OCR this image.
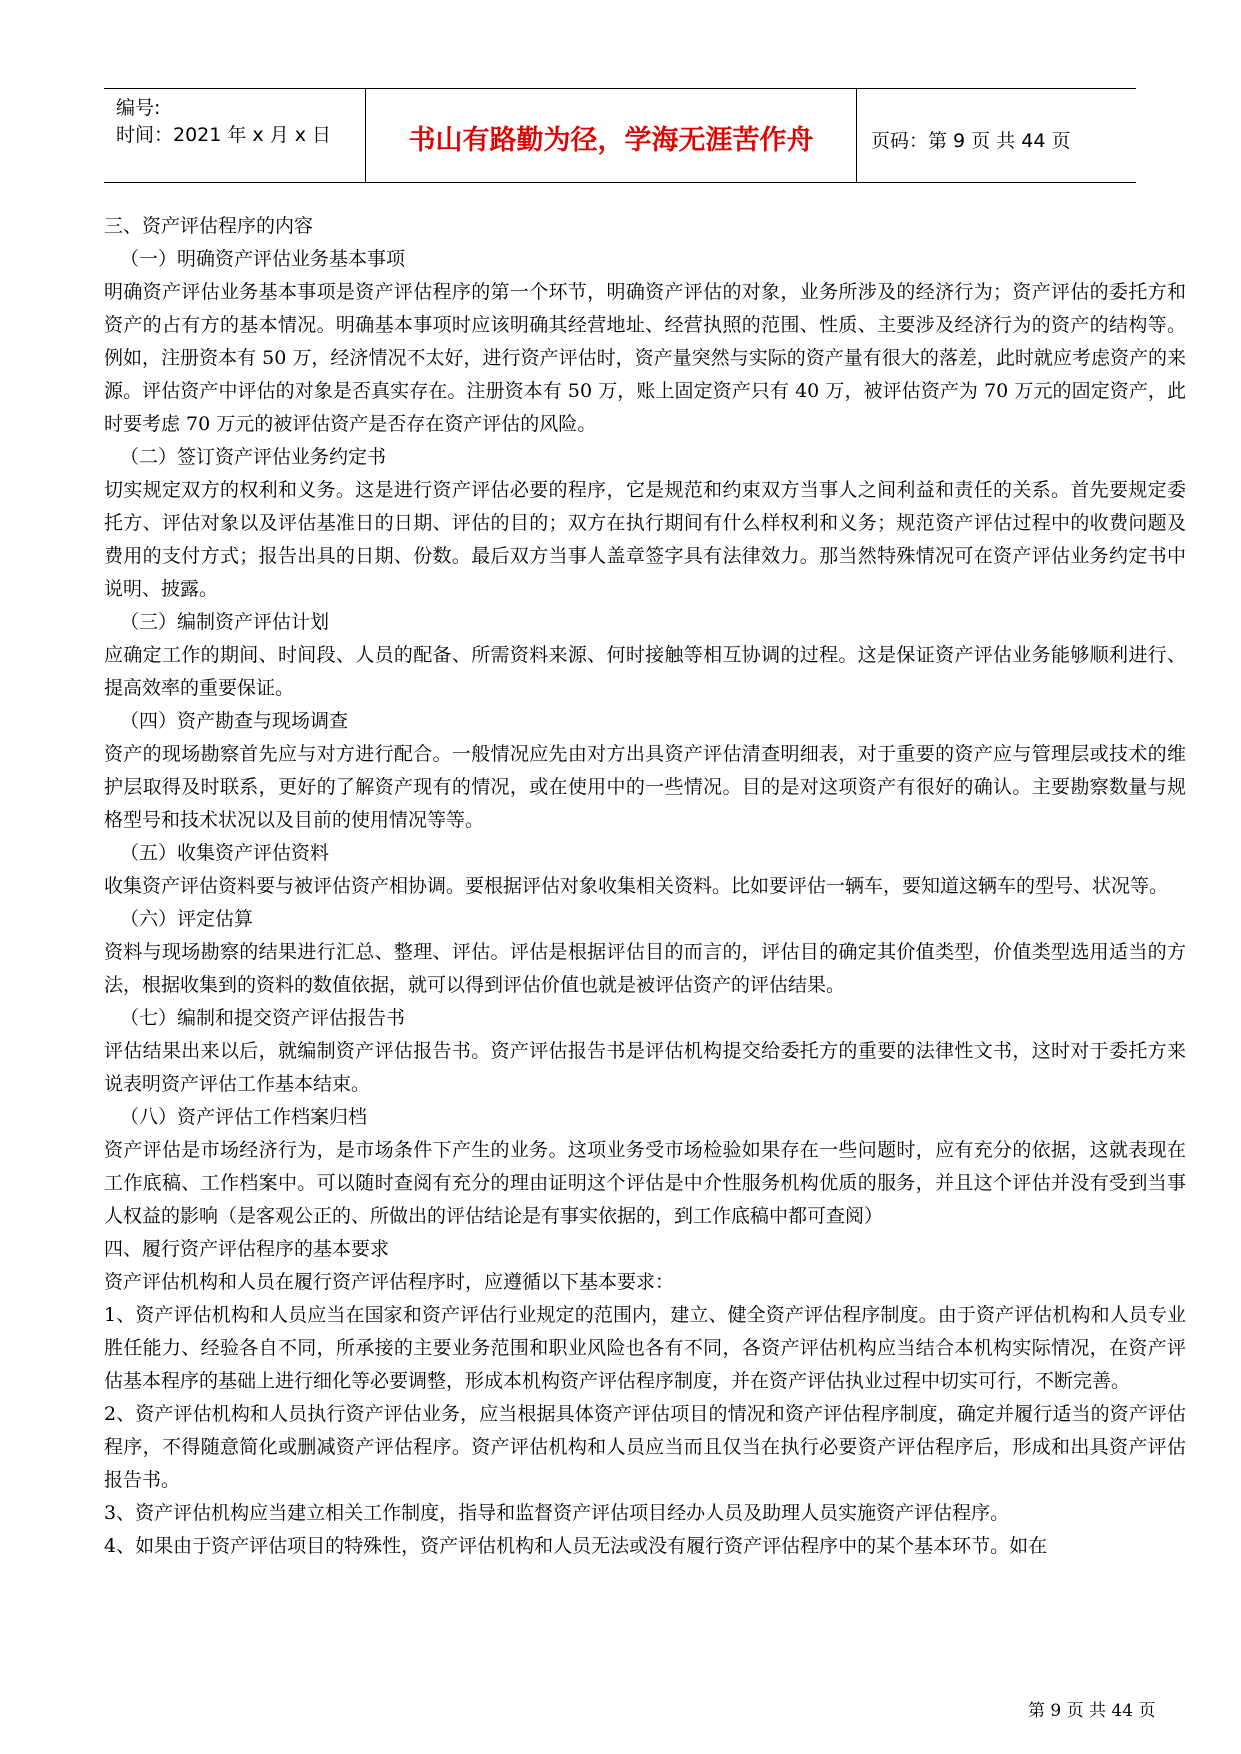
编号:
时间：2021 年 x 月 x 日	书山有路勤为径，学海无涯苦作舟	页码：第 9 页 共 44 页

三、资产评估程序的内容

（一）明确资产评估业务基本事项

明确资产评估业务基本事项是资产评估程序的第一个环节，明确资产评估的对象，业务所涉及的经济行为；资产评估的委托方和资产的占有方的基本情况。明确基本事项时应该明确其经营地址、经营执照的范围、性质、主要涉及经济行为的资产的结构等。例如，注册资本有 50 万，经济情况不太好，进行资产评估时，资产量突然与实际的资产量有很大的落差，此时就应考虑资产的来源。评估资产中评估的对象是否真实存在。注册资本有 50 万，账上固定资产只有 40 万，被评估资产为 70 万元的固定资产，此时要考虑 70 万元的被评估资产是否存在资产评估的风险。

（二）签订资产评估业务约定书

切实规定双方的权利和义务。这是进行资产评估必要的程序，它是规范和约束双方当事人之间利益和责任的关系。首先要规定委托方、评估对象以及评估基准日的日期、评估的目的；双方在执行期间有什么样权利和义务；规范资产评估过程中的收费问题及费用的支付方式；报告出具的日期、份数。最后双方当事人盖章签字具有法律效力。那当然特殊情况可在资产评估业务约定书中说明、披露。

（三）编制资产评估计划

应确定工作的期间、时间段、人员的配备、所需资料来源、何时接触等相互协调的过程。这是保证资产评估业务能够顺利进行、提高效率的重要保证。

（四）资产勘查与现场调查

资产的现场勘察首先应与对方进行配合。一般情况应先由对方出具资产评估清查明细表，对于重要的资产应与管理层或技术的维护层取得及时联系，更好的了解资产现有的情况，或在使用中的一些情况。目的是对这项资产有很好的确认。主要勘察数量与规格型号和技术状况以及目前的使用情况等等。

（五）收集资产评估资料

收集资产评估资料要与被评估资产相协调。要根据评估对象收集相关资料。比如要评估一辆车，要知道这辆车的型号、状况等。

（六）评定估算

资料与现场勘察的结果进行汇总、整理、评估。评估是根据评估目的而言的，评估目的确定其价值类型，价值类型选用适当的方法，根据收集到的资料的数值依据，就可以得到评估价值也就是被评估资产的评估结果。

（七）编制和提交资产评估报告书

评估结果出来以后，就编制资产评估报告书。资产评估报告书是评估机构提交给委托方的重要的法律性文书，这时对于委托方来说表明资产评估工作基本结束。

（八）资产评估工作档案归档

资产评估是市场经济行为，是市场条件下产生的业务。这项业务受市场检验如果存在一些问题时，应有充分的依据，这就表现在工作底稿、工作档案中。可以随时查阅有充分的理由证明这个评估是中介性服务机构优质的服务，并且这个评估并没有受到当事人权益的影响（是客观公正的、所做出的评估结论是有事实依据的，到工作底稿中都可查阅）

四、履行资产评估程序的基本要求

资产评估机构和人员在履行资产评估程序时，应遵循以下基本要求：

1、资产评估机构和人员应当在国家和资产评估行业规定的范围内，建立、健全资产评估程序制度。由于资产评估机构和人员专业胜任能力、经验各自不同，所承接的主要业务范围和职业风险也各有不同，各资产评估机构应当结合本机构实际情况，在资产评估基本程序的基础上进行细化等必要调整，形成本机构资产评估程序制度，并在资产评估执业过程中切实可行，不断完善。

2、资产评估机构和人员执行资产评估业务，应当根据具体资产评估项目的情况和资产评估程序制度，确定并履行适当的资产评估程序，不得随意简化或删减资产评估程序。资产评估机构和人员应当而且仅当在执行必要资产评估程序后，形成和出具资产评估报告书。

3、资产评估机构应当建立相关工作制度，指导和监督资产评估项目经办人员及助理人员实施资产评估程序。

4、如果由于资产评估项目的特殊性，资产评估机构和人员无法或没有履行资产评估程序中的某个基本环节。如在

第 9 页 共 44 页
